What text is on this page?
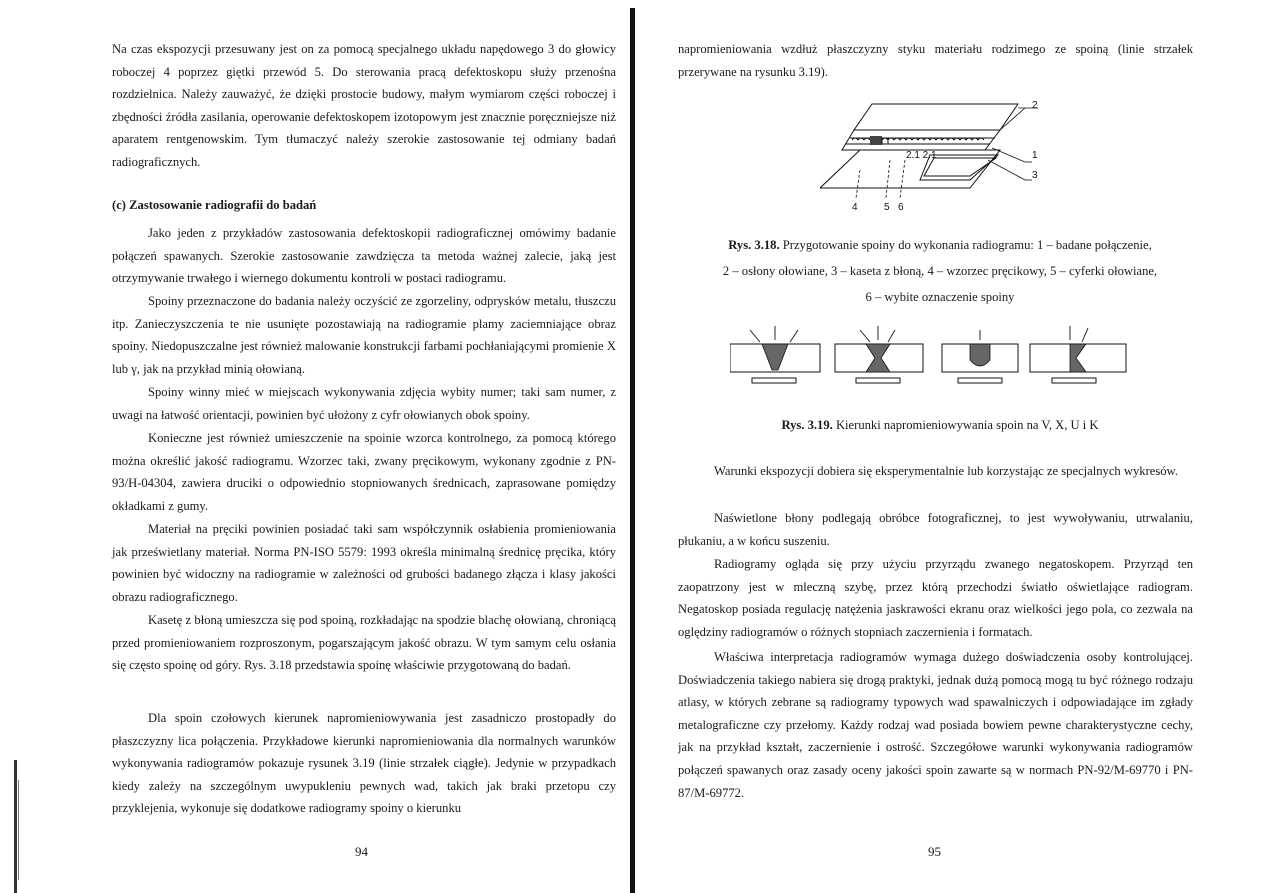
Na czas ekspozycji przesuwany jest on za pomocą specjalnego układu napędowego 3 do głowicy roboczej 4 poprzez giętki przewód 5. Do sterowania pracą defektoskopu służy przenośna rozdzielnica. Należy zauważyć, że dzięki prostocie budowy, małym wymiarom części roboczej i zbędności źródła zasilania, operowanie defektoskopem izotopowym jest znacznie poręczniejsze niż aparatem rentgenowskim. Tym tłumaczyć należy szerokie zastosowanie tej odmiany badań radiograficznych.

(c) Zastosowanie radiografii do badań

Jako jeden z przykładów zastosowania defektoskopii radiograficznej omówimy badanie połączeń spawanych. Szerokie zastosowanie zawdzięcza ta metoda ważnej zalecie, jaką jest otrzymywanie trwałego i wiernego dokumentu kontroli w postaci radiogramu.

Spoiny przeznaczone do badania należy oczyścić ze zgorzeliny, odprysków metalu, tłuszczu itp. Zanieczyszczenia te nie usunięte pozostawiają na radiogramie plamy zaciemniające obraz spoiny. Niedopuszczalne jest również malowanie konstrukcji farbami pochłaniającymi promienie X lub γ, jak na przykład minią ołowianą.

Spoiny winny mieć w miejscach wykonywania zdjęcia wybity numer; taki sam numer, z uwagi na łatwość orientacji, powinien być ułożony z cyfr ołowianych obok spoiny.

Konieczne jest również umieszczenie na spoinie wzorca kontrolnego, za pomocą którego można określić jakość radiogramu. Wzorzec taki, zwany pręcikowym, wykonany zgodnie z PN-93/H-04304, zawiera druciki o odpowiednio stopniowanych średnicach, zaprasowane pomiędzy okładkami z gumy.

Materiał na pręciki powinien posiadać taki sam współczynnik osłabienia promieniowania jak prześwietlany materiał. Norma PN-ISO 5579: 1993 określa minimalną średnicę pręcika, który powinien być widoczny na radiogramie w zależności od grubości badanego złącza i klasy jakości obrazu radiograficznego.

Kasetę z błoną umieszcza się pod spoiną, rozkładając na spodzie blachę ołowianą, chroniącą przed promieniowaniem rozproszonym, pogarszającym jakość obrazu. W tym samym celu osłania się często spoinę od góry. Rys. 3.18 przedstawia spoinę właściwie przygotowaną do badań.

Dla spoin czołowych kierunek napromieniowywania jest zasadniczo prostopadły do płaszczyzny lica połączenia. Przykładowe kierunki napromieniowania dla normalnych warunków wykonywania radiogramów pokazuje rysunek 3.19 (linie strzałek ciągłe). Jedynie w przypadkach kiedy zależy na szczególnym uwypukleniu pewnych wad, takich jak braki przetopu czy przyklejenia, wykonuje się dodatkowe radiogramy spoiny o kierunku

94

napromieniowania wzdłuż płaszczyzny styku materiału rodzimego ze spoiną (linie strzałek przerywane na rysunku 3.19).

2
2.1 2.1	1
3
4	5 6

Rys. 3.18. Przygotowanie spoiny do wykonania radiogramu: 1 – badane połączenie,
2 – osłony ołowiane, 3 – kaseta z błoną, 4 – wzorzec pręcikowy, 5 – cyferki ołowiane,
6 – wybite oznaczenie spoiny

Rys. 3.19. Kierunki napromieniowywania spoin na V, X, U i K

Warunki ekspozycji dobiera się eksperymentalnie lub korzystając ze specjalnych wykresów.

Naświetlone błony podlegają obróbce fotograficznej, to jest wywoływaniu, utrwalaniu, płukaniu, a w końcu suszeniu.

Radiogramy ogląda się przy użyciu przyrządu zwanego negatoskopem. Przyrząd ten zaopatrzony jest w mleczną szybę, przez którą przechodzi światło oświetlające radiogram. Negatoskop posiada regulację natężenia jaskrawości ekranu oraz wielkości jego pola, co zezwala na oględziny radiogramów o różnych stopniach zaczernienia i formatach.

Właściwa interpretacja radiogramów wymaga dużego doświadczenia osoby kontrolującej. Doświadczenia takiego nabiera się drogą praktyki, jednak dużą pomocą mogą tu być różnego rodzaju atlasy, w których zebrane są radiogramy typowych wad spawalniczych i odpowiadające im zgłady metalograficzne czy przełomy. Każdy rodzaj wad posiada bowiem pewne charakterystyczne cechy, jak na przykład kształt, zaczernienie i ostrość. Szczegółowe warunki wykonywania radiogramów połączeń spawanych oraz zasady oceny jakości spoin zawarte są w normach PN-92/M-69770 i PN-87/M-69772.

95
